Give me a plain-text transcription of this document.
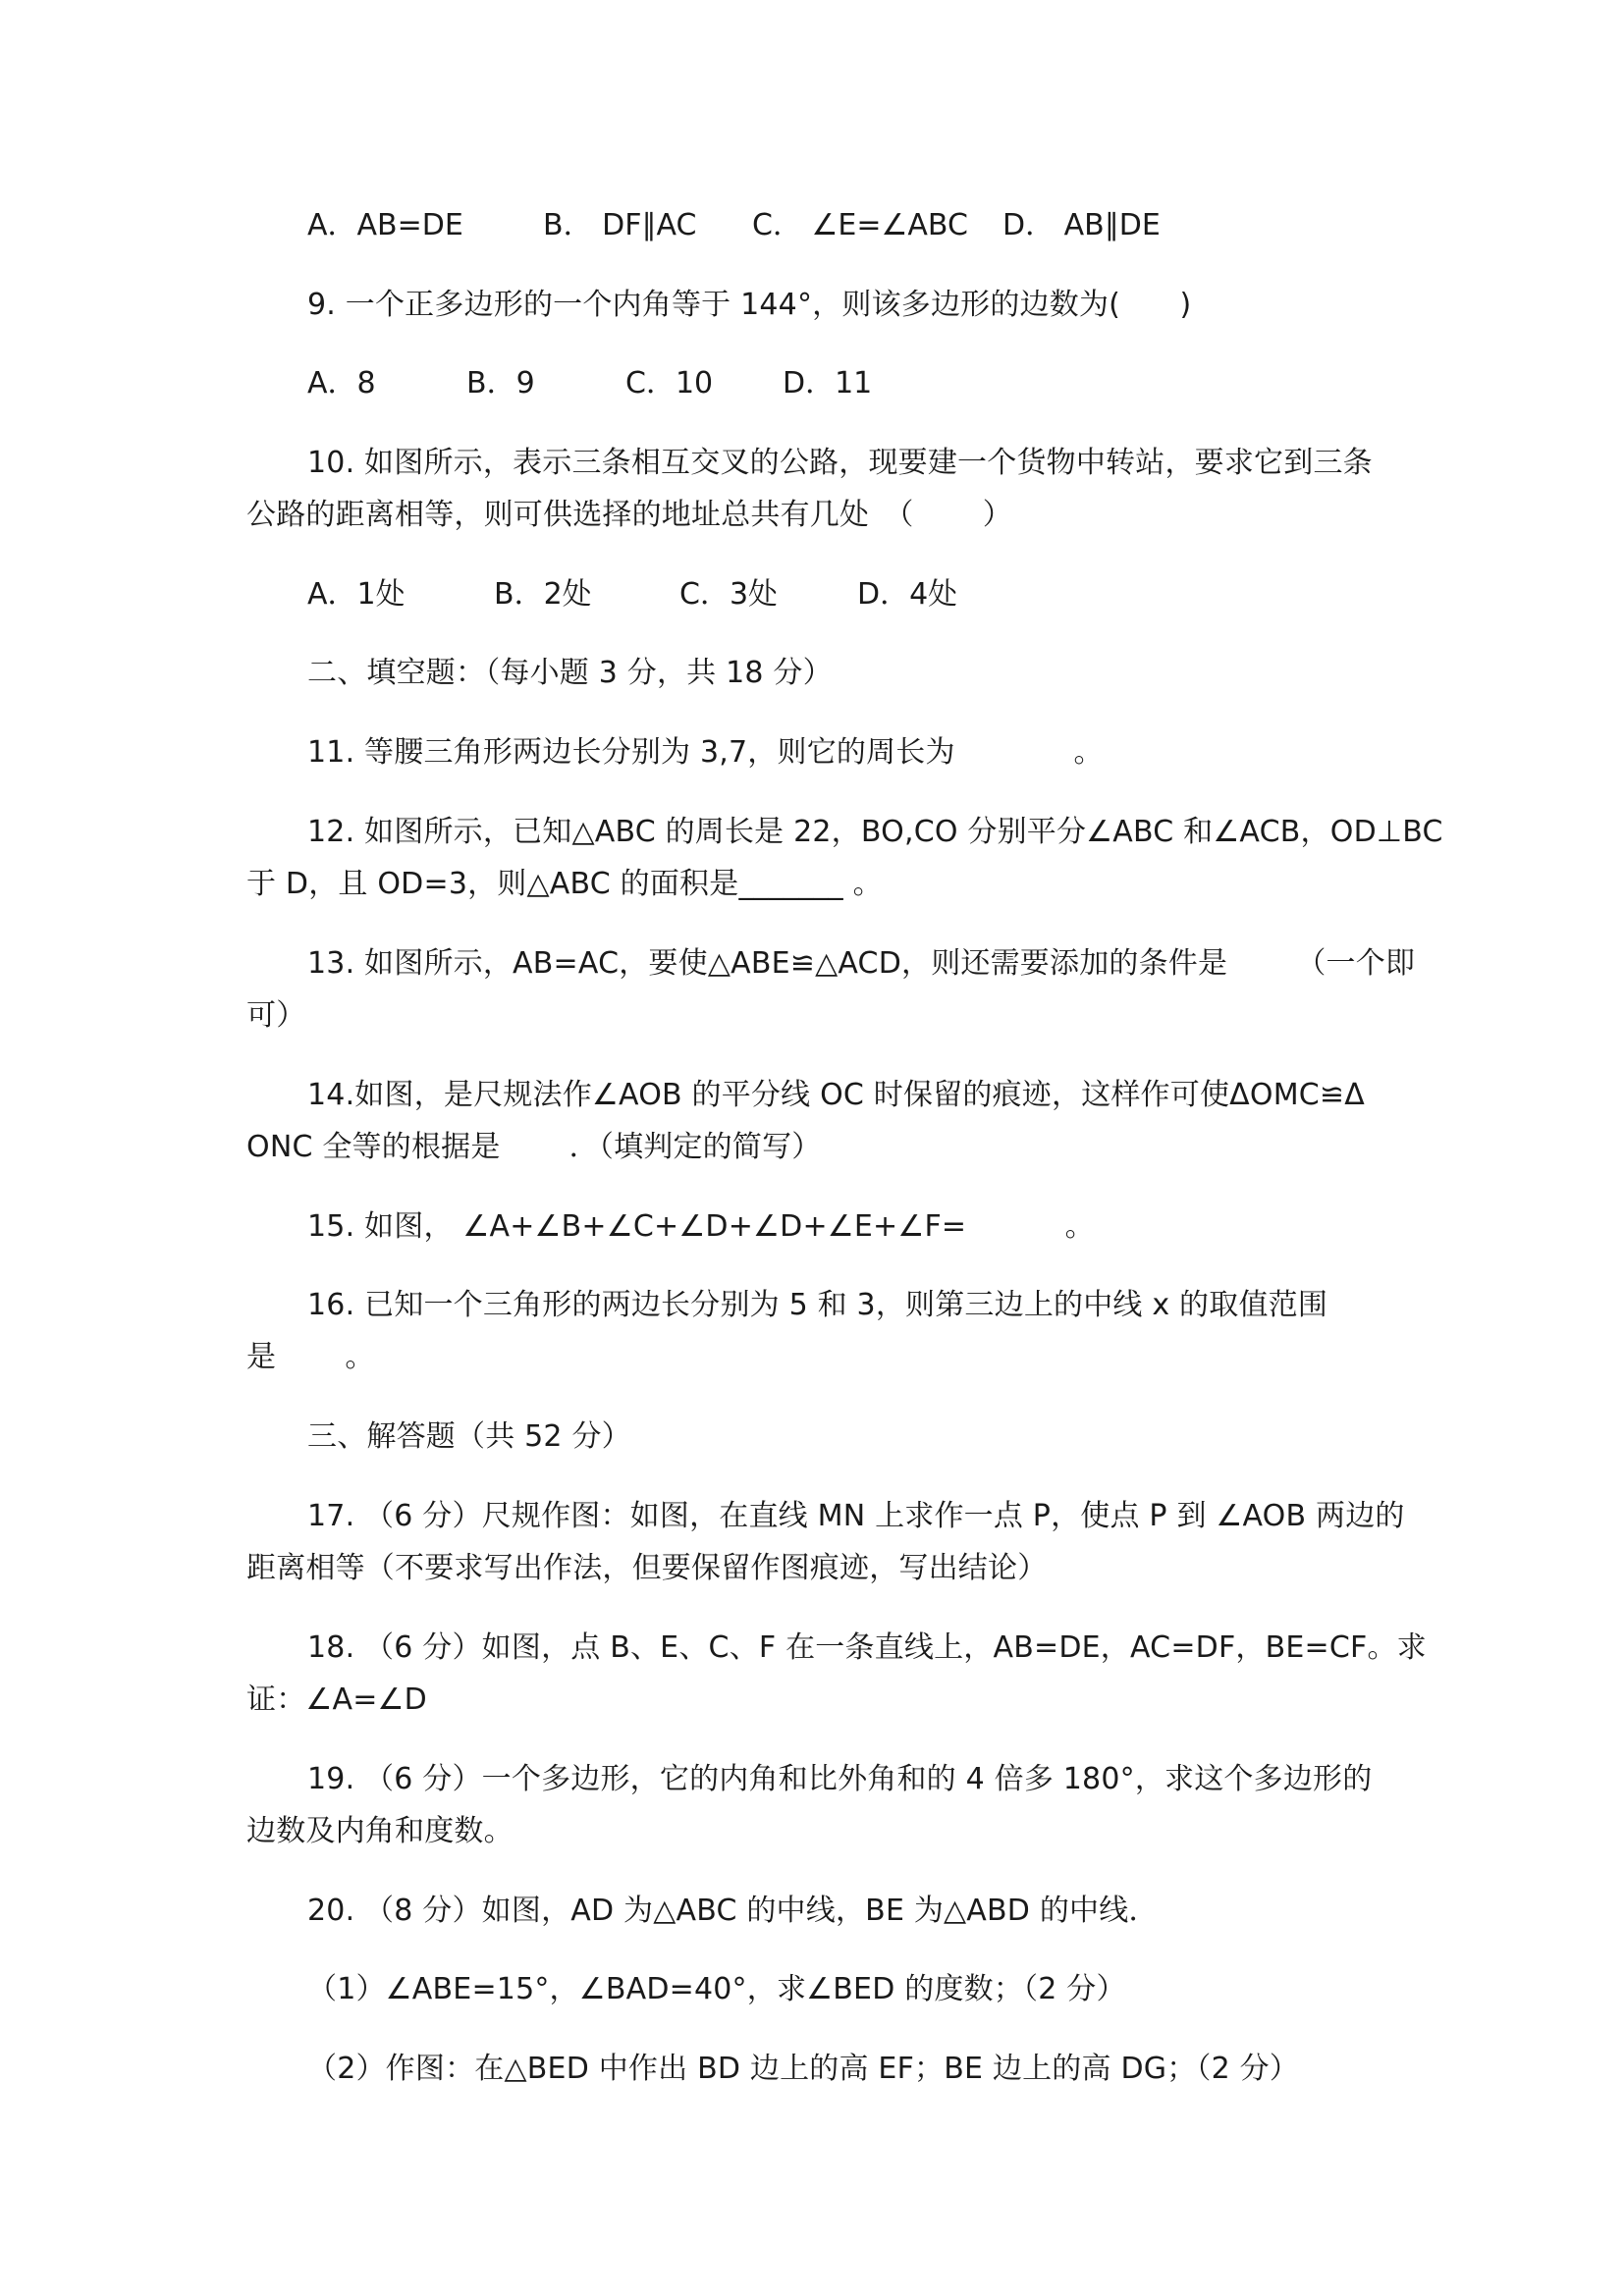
A．AB=DE	B． DF∥AC C． ∠E=∠ABC D． AB∥DE
9. 一个正多边形的一个内角等于 144°，则该多边形的边数为(　　)
A．8	B．9	C．10 D．11
10. 如图所示，表示三条相互交叉的公路，现要建一个货物中转站，要求它到三条
公路的距离相等，则可供选择的地址总共有几处　（　　 ）
A．1处	B．2处	C．3处	D．4处
二、填空题：（每小题 3 分，共 18 分）
11. 等腰三角形两边长分别为 3,7，则它的周长为　　　　。
12. 如图所示，已知△ABC 的周长是 22，BO,CO 分别平分∠ABC 和∠ACB，OD⊥BC
于 D，且 OD=3，则△ABC 的面积是_______ 。
13. 如图所示，AB=AC，要使△ABE≌△ACD，则还需要添加的条件是　　 （一个即
可）
14.如图，是尺规法作∠AOB 的平分线 OC 时保留的痕迹，这样作可使ΔOMC≌Δ
ONC 全等的根据是　　 ．（填判定的简写）
15. 如图， ∠A+∠B+∠C+∠D+∠D+∠E+∠F=　　　 。
16. 已知一个三角形的两边长分别为 5 和 3，则第三边上的中线 x 的取值范围
是　　 。
三、解答题（共 52 分）
17. （6 分）尺规作图：如图，在直线 MN 上求作一点 P，使点 P 到 ∠AOB 两边的
距离相等（不要求写出作法，但要保留作图痕迹，写出结论）
18. （6 分）如图，点 B、E、C、F 在一条直线上，AB=DE，AC=DF，BE=CF。求
证：∠A=∠D
19. （6 分）一个多边形，它的内角和比外角和的 4 倍多 180°，求这个多边形的
边数及内角和度数。
20. （8 分）如图，AD 为△ABC 的中线，BE 为△ABD 的中线．
（1）∠ABE=15°，∠BAD=40°，求∠BED 的度数；（2 分）
（2）作图：在△BED 中作出 BD 边上的高 EF；BE 边上的高 DG；（2 分）
